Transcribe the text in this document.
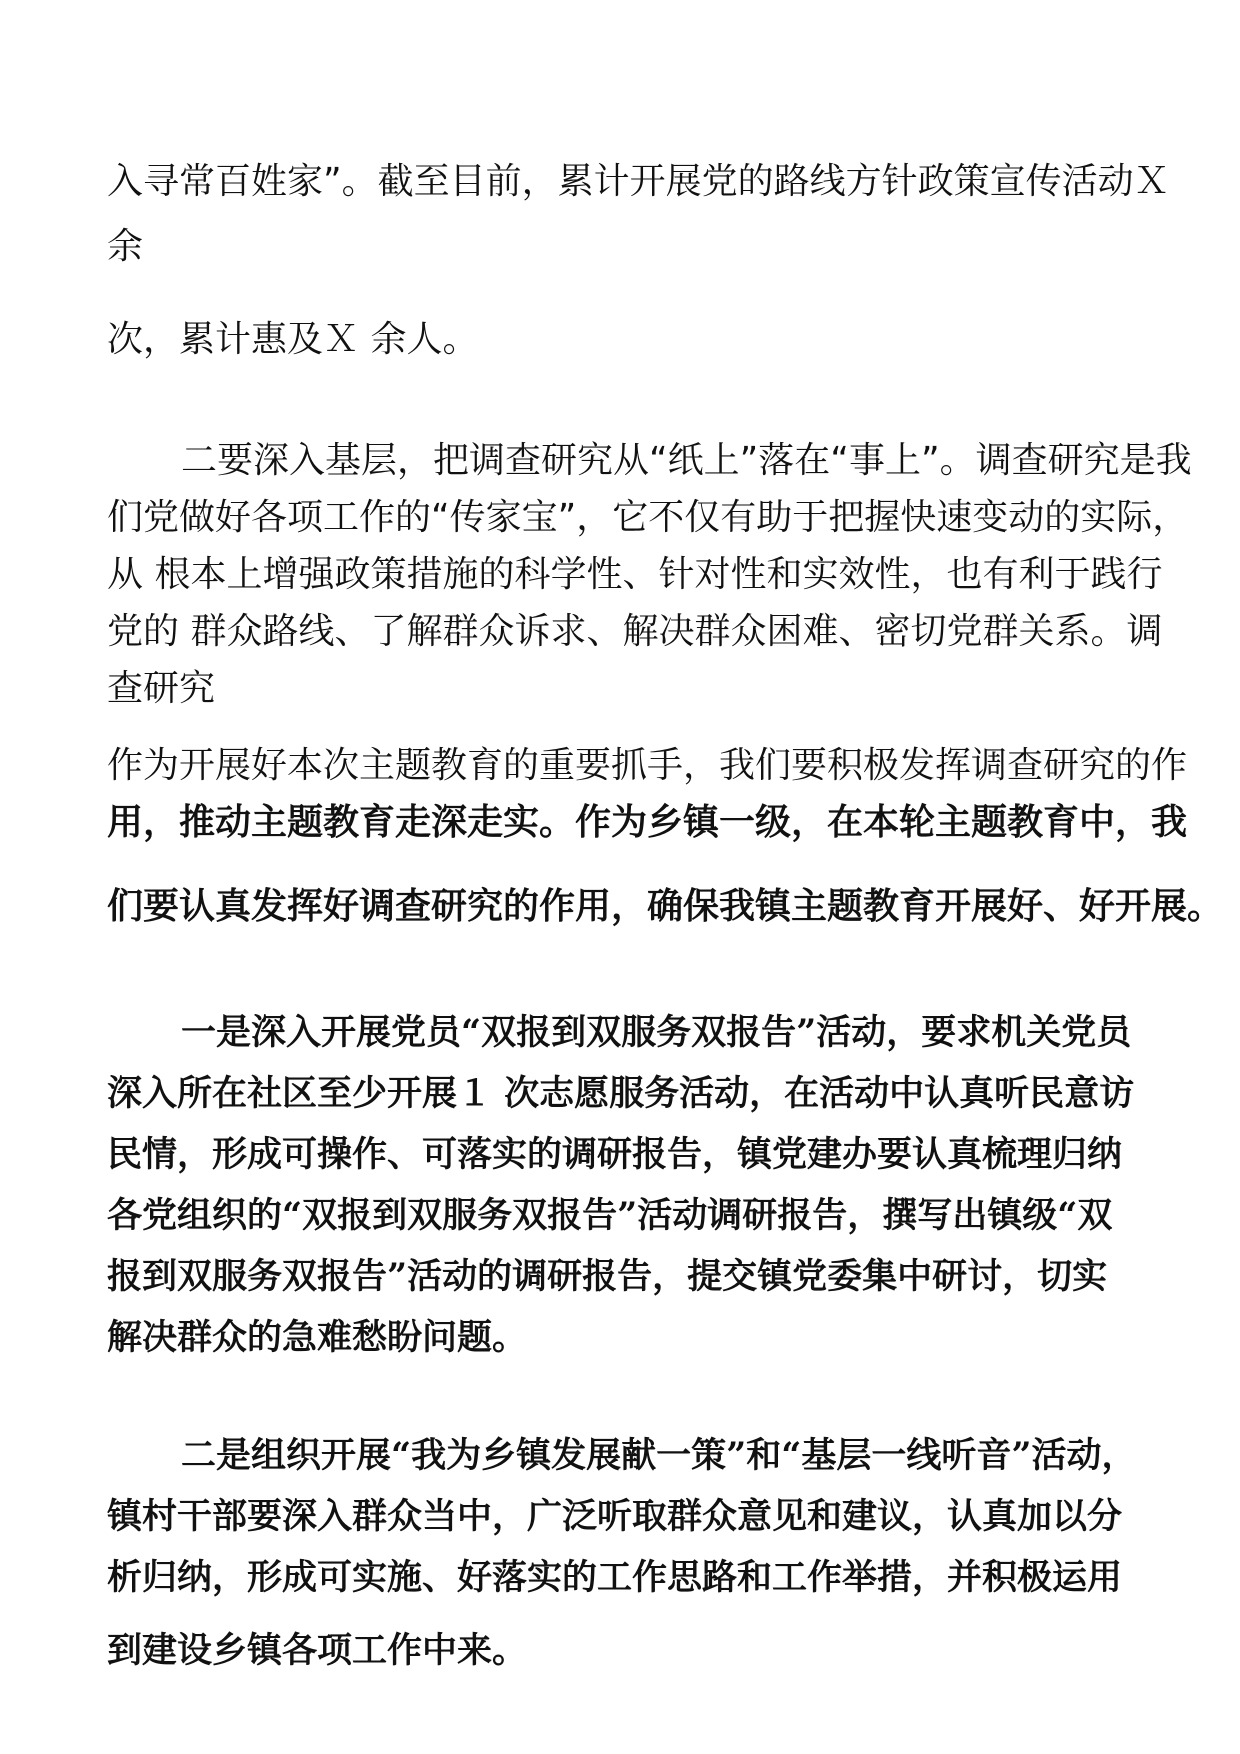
入寻常百姓家”。截至目前，累计开展党的路线方针政策宣传活动Ｘ

余

次，累计惠及Ｘ 余人。

二要深入基层，把调查研究从“纸上”落在“事上”。调查研究是我

们党做好各项工作的“传家宝”，它不仅有助于把握快速变动的实际，

从 根本上增强政策措施的科学性、针对性和实效性，也有利于践行

党的 群众路线、了解群众诉求、解决群众困难、密切党群关系。调

查研究

作为开展好本次主题教育的重要抓手，我们要积极发挥调查研究的作

用，推动主题教育走深走实。作为乡镇一级，在本轮主题教育中，我

们要认真发挥好调查研究的作用，确保我镇主题教育开展好、好开展。

一是深入开展党员“双报到双服务双报告”活动，要求机关党员

深入所在社区至少开展１ 次志愿服务活动，在活动中认真听民意访

民情，形成可操作、可落实的调研报告，镇党建办要认真梳理归纳

各党组织的“双报到双服务双报告”活动调研报告，撰写出镇级“双

报到双服务双报告”活动的调研报告，提交镇党委集中研讨，切实

解决群众的急难愁盼问题。

二是组织开展“我为乡镇发展献一策”和“基层一线听音”活动，

镇村干部要深入群众当中，广泛听取群众意见和建议，认真加以分

析归纳，形成可实施、好落实的工作思路和工作举措，并积极运用

到建设乡镇各项工作中来。
